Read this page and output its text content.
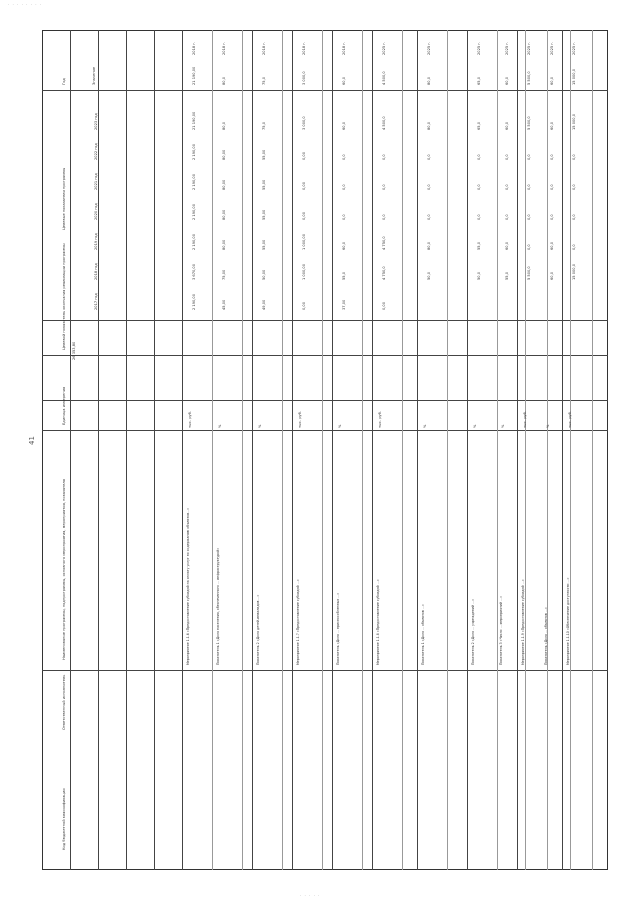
· · · · · · · ·
· · · · ·
41
Код бюджетной классификации
Наименование программы, подпрограммы, основного мероприятия, мероприятия, показателя
Единица измерения
Целевой показатель окончания реализации программы
Целевые показатели программы
Год	Значение
Ответственный исполнитель
26 353,80
2017 год
2018 год
2019 год
2020 год
2021 год
2022 год
2023 год
Мероприятие 1.1.6 «Предоставление субсидий на оплату услуг по содержанию объектов...»
тыс. руб.
2 190,00
3 670,00
2 190,00
2 190,00
2 190,00
2 190,00
21 190,00
21 190,00
2018 г.
Показатель 1 «Доля населения, обеспеченного ... инфраструктурой»
%
45,00
75,00
80,00
80,00
80,00
80,00
80,0
80,0
2018 г.
Показатель 2 «Доля детей-инвалидов ...»
%
49,00
50,00
55,00
55,00
55,00
55,00
75,0
75,0
2018 г.
Мероприятие 1.1.7 «Предоставление субсидий ...»
тыс. руб.
0,00
1 000,00
1 000,00
0,00
0,00
0,00
3 000,0
3 000,0
2018 г.
Показатель «Доля ... приспособленных ...»
%
37,00
55,0
60,0
0,0
0,0
0,0
60,0
60,0
2018 г.
Мероприятие 1.1.8 «Предоставление субсидий ...»
тыс. руб.
0,00
4 750,0
4 750,0
0,0
0,0
0,0
4 500,0
4 500,0
2025 г.
Показатель 1 «Доля ... объектов ...»
%
50,0
80,0
0,0
0,0
0,0
80,0
80,0
2025 г.
Показатель 2 «Доля ... учреждений ...»
%
50,0
55,0
0,0
0,0
0,0
65,0
65,0
2025 г.
Показатель 3 «Число ... мероприятий ...»
%
55,0
60,0
0,0
0,0
0,0
60,0
60,0
2025 г.
Мероприятие 1.1.9 «Предоставление субсидий ...»
тыс. руб.
5 500,0
0,0
0,0
0,0
0,0
5 500,0
5 500,0
2025 г.
Показатель «Доля ... объектов ...»
%
60,0
60,0
0,0
0,0
0,0
60,0
60,0
2025 г.
Мероприятие 1.1.10 «Обеспечение доступности ...»
тыс. руб.
15 000,0
0,0
0,0
0,0
0,0
15 000,0
15 000,0
2025 г.
